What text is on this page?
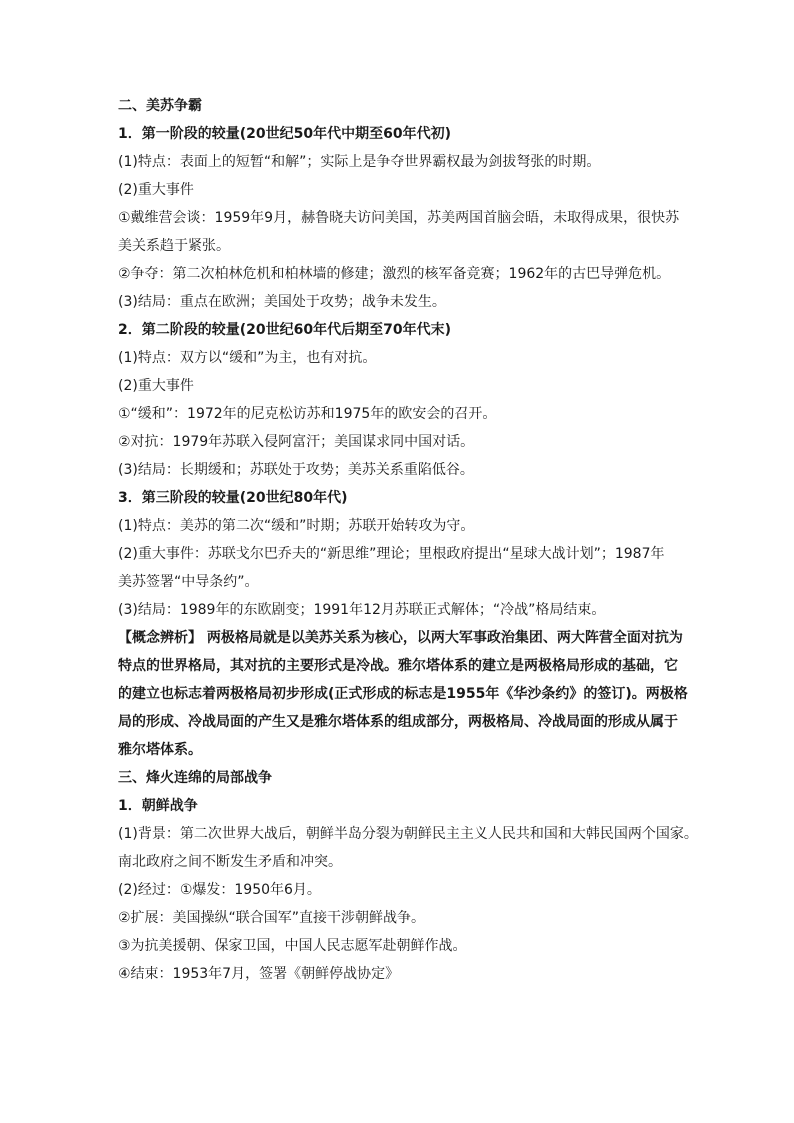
二、美苏争霸
1．第一阶段的较量(20世纪50年代中期至60年代初)
(1)特点：表面上的短暂“和解”；实际上是争夺世界霸权最为剑拔弩张的时期。
(2)重大事件
①戴维营会谈：1959年9月，赫鲁晓夫访问美国，苏美两国首脑会晤，未取得成果，很快苏
美关系趋于紧张。
②争夺：第二次柏林危机和柏林墙的修建；激烈的核军备竞赛；1962年的古巴导弹危机。
(3)结局：重点在欧洲；美国处于攻势；战争未发生。
2．第二阶段的较量(20世纪60年代后期至70年代末)
(1)特点：双方以“缓和”为主，也有对抗。
(2)重大事件
①“缓和”：1972年的尼克松访苏和1975年的欧安会的召开。
②对抗：1979年苏联入侵阿富汗；美国谋求同中国对话。
(3)结局：长期缓和；苏联处于攻势；美苏关系重陷低谷。
3．第三阶段的较量(20世纪80年代)
(1)特点：美苏的第二次“缓和”时期；苏联开始转攻为守。
(2)重大事件：苏联戈尔巴乔夫的“新思维”理论；里根政府提出“星球大战计划”；1987年
美苏签署“中导条约”。
(3)结局：1989年的东欧剧变；1991年12月苏联正式解体；“冷战”格局结束。
【概念辨析】 两极格局就是以美苏关系为核心，以两大军事政治集团、两大阵营全面对抗为
特点的世界格局，其对抗的主要形式是冷战。雅尔塔体系的建立是两极格局形成的基础，它
的建立也标志着两极格局初步形成(正式形成的标志是1955年《华沙条约》的签订)。两极格
局的形成、冷战局面的产生又是雅尔塔体系的组成部分，两极格局、冷战局面的形成从属于
雅尔塔体系。
三、烽火连绵的局部战争
1．朝鲜战争
(1)背景：第二次世界大战后，朝鲜半岛分裂为朝鲜民主主义人民共和国和大韩民国两个国家。
南北政府之间不断发生矛盾和冲突。
(2)经过：①爆发：1950年6月。
②扩展：美国操纵“联合国军”直接干涉朝鲜战争。
③为抗美援朝、保家卫国，中国人民志愿军赴朝鲜作战。
④结束：1953年7月，签署《朝鲜停战协定》
